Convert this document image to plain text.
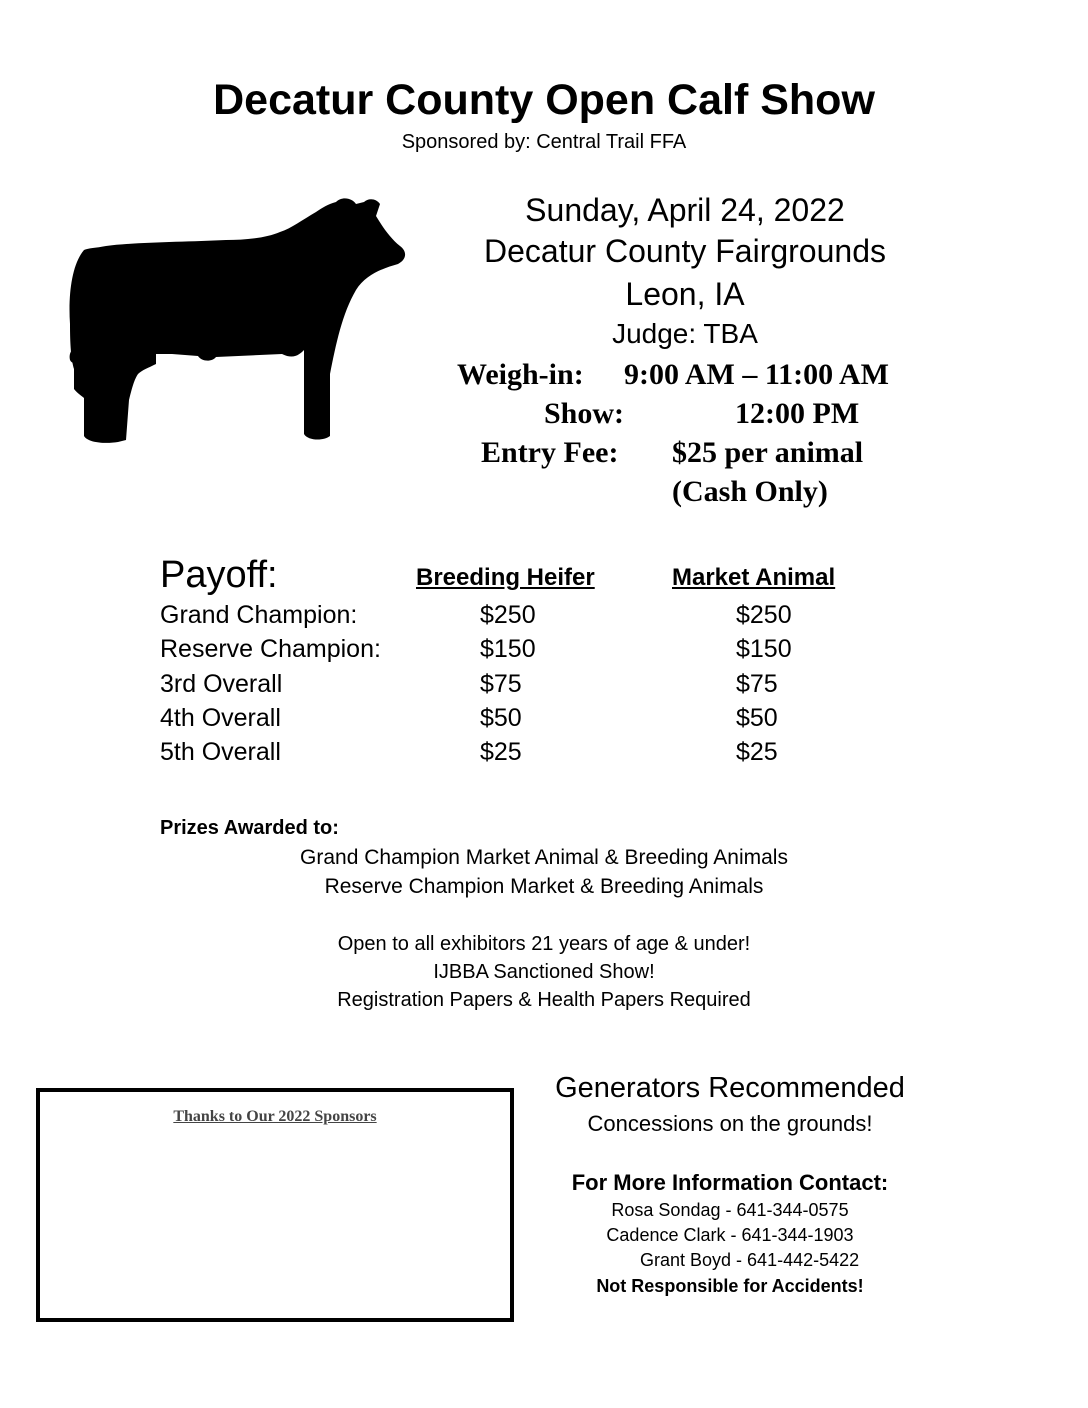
Decatur County Open Calf Show
Sponsored by: Central Trail FFA
Sunday, April 24, 2022
Decatur County Fairgrounds
Leon, IA
Judge: TBA
Weigh-in: 9:00 AM – 11:00 AM
Show:	12:00 PM
Entry Fee: $25 per animal
(Cash Only)
Payoff:	Breeding Heifer	Market Animal
Grand Champion:	$250	$250
Reserve Champion:	$150	$150
3rd Overall	$75	$75
4th Overall	$50	$50
5th Overall	$25	$25
Prizes Awarded to:
Grand Champion Market Animal & Breeding Animals
Reserve Champion Market & Breeding Animals
Open to all exhibitors 21 years of age & under!
IJBBA Sanctioned Show!
Registration Papers & Health Papers Required
Thanks to Our 2022 Sponsors
Generators Recommended
Concessions on the grounds!
For More Information Contact:
Rosa Sondag - 641-344-0575
Cadence Clark - 641-344-1903
Grant Boyd - 641-442-5422
Not Responsible for Accidents!
